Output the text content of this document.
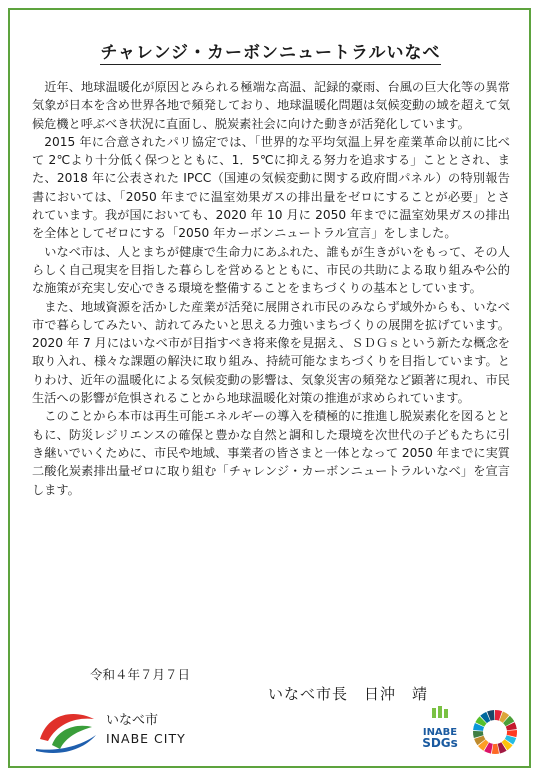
チャレンジ・カーボンニュートラルいなべ

近年、地球温暖化が原因とみられる極端な高温、記録的豪雨、台風の巨大化等の異常気象が日本を含め世界各地で頻発しており、地球温暖化問題は気候変動の域を超えて気候危機と呼ぶべき状況に直面し、脱炭素社会に向けた動きが活発化しています。

2015 年に合意されたパリ協定では、「世界的な平均気温上昇を産業革命以前に比べて 2℃より十分低く保つとともに、1．5℃に抑える努力を追求する」こととされ、また、2018 年に公表された IPCC（国連の気候変動に関する政府間パネル）の特別報告書においては、「2050 年までに温室効果ガスの排出量をゼロにすることが必要」とされています。我が国においても、2020 年 10 月に 2050 年までに温室効果ガスの排出を全体としてゼロにする「2050 年カーボンニュートラル宣言」をしました。

いなべ市は、人とまちが健康で生命力にあふれた、誰もが生きがいをもって、その人らしく自己現実を目指した暮らしを営めるとともに、市民の共助による取り組みや公的な施策が充実し安心できる環境を整備することをまちづくりの基本としています。

また、地域資源を活かした産業が活発に展開され市民のみならず域外からも、いなべ市で暮らしてみたい、訪れてみたいと思える力強いまちづくりの展開を拡げています。2020 年 7 月にはいなべ市が目指すべき将来像を見据え、ＳＤＧｓという新たな概念を取り入れ、様々な課題の解決に取り組み、持続可能なまちづくりを目指しています。とりわけ、近年の温暖化による気候変動の影響は、気象災害の頻発など顕著に現れ、市民生活への影響が危惧されることから地球温暖化対策の推進が求められています。

このことから本市は再生可能エネルギーの導入を積極的に推進し脱炭素化を図るとともに、防災レジリエンスの確保と豊かな自然と調和した環境を次世代の子どもたちに引き継いでいくために、市民や地域、事業者の皆さまと一体となって 2050 年までに実質二酸化炭素排出量ゼロに取り組む「チャレンジ・カーボンニュートラルいなべ」を宣言します。

令和４年７月７日
いなべ市長　日沖　靖
いなべ市
INABE CITY	INABE
SDGs
